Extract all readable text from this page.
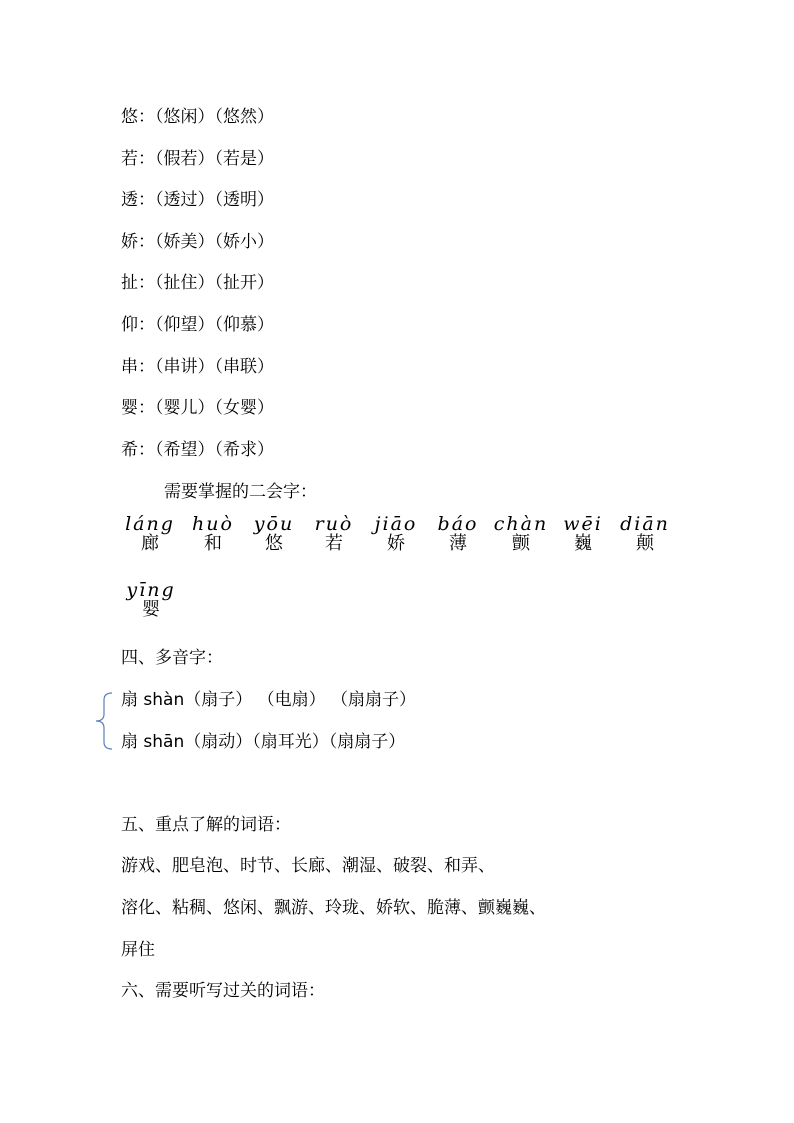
悠：（悠闲）（悠然）
若：（假若）（若是）
透：（透过）（透明）
娇：（娇美）（娇小）
扯：（扯住）（扯开）
仰：（仰望）（仰慕）
串：（串讲）（串联）
婴：（婴儿）（女婴）
希：（希望）（希求）
需要掌握的二会字：
láng
廊
huò
和
yōu
悠
ruò
若
jiāo
娇
báo
薄
chàn
颤
wēi
巍
diān
颠
yīng
婴
四、多音字：
扇 shàn（扇子） （电扇） （扇扇子）
扇 shān（扇动）（扇耳光）（扇扇子）
五、重点了解的词语：
游戏、肥皂泡、时节、长廊、潮湿、破裂、和弄、
溶化、粘稠、悠闲、飘游、玲珑、娇软、脆薄、颤巍巍、
屏住
六、需要听写过关的词语：
